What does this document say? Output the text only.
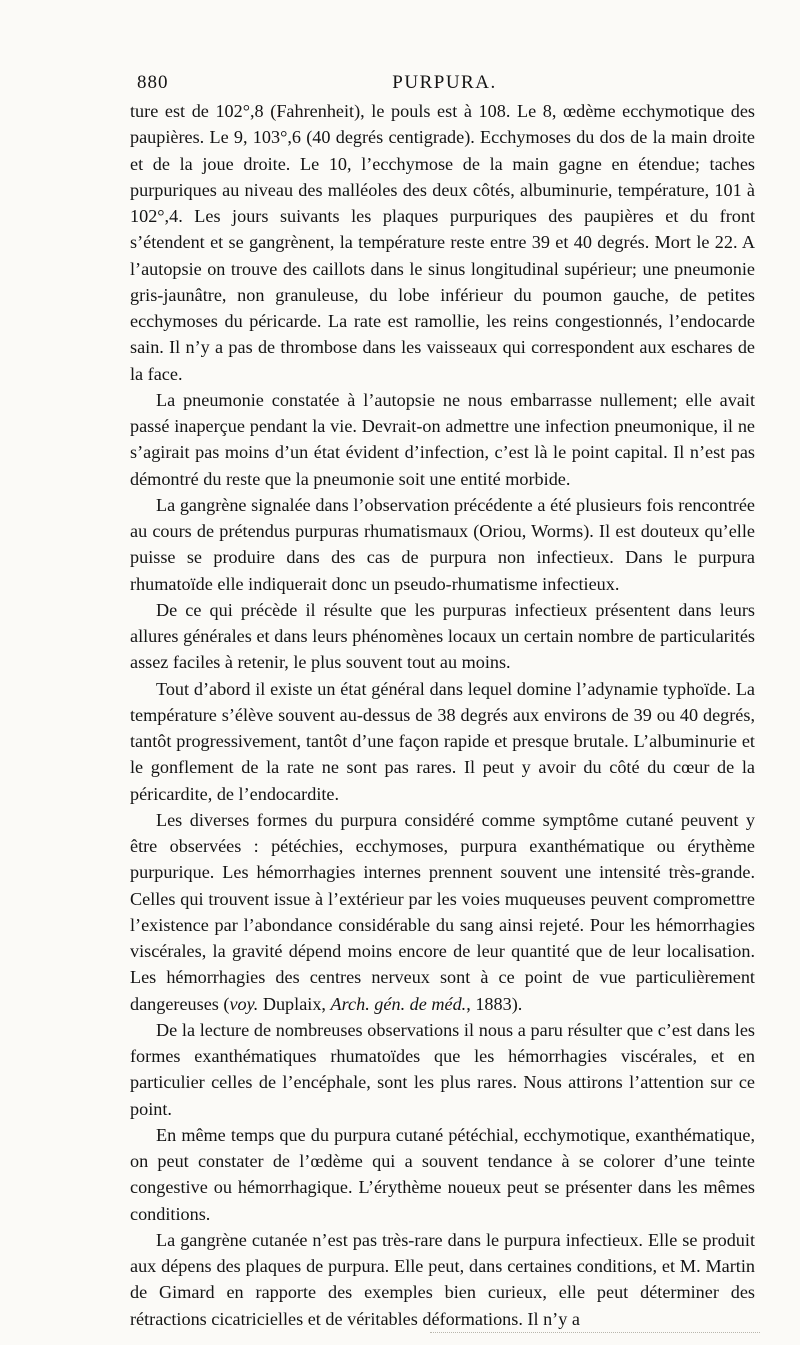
880	PURPURA.

ture est de 102°,8 (Fahrenheit), le pouls est à 108. Le 8, œdème ecchymotique des paupières. Le 9, 103°,6 (40 degrés centigrade). Ecchymoses du dos de la main droite et de la joue droite. Le 10, l’ecchymose de la main gagne en étendue; taches purpuriques au niveau des malléoles des deux côtés, albuminurie, température, 101 à 102°,4. Les jours suivants les plaques purpuriques des paupières et du front s’étendent et se gangrènent, la température reste entre 39 et 40 degrés. Mort le 22. A l’autopsie on trouve des caillots dans le sinus longitudinal supérieur; une pneumonie gris-jaunâtre, non granuleuse, du lobe inférieur du poumon gauche, de petites ecchymoses du péricarde. La rate est ramollie, les reins congestionnés, l’endocarde sain. Il n’y a pas de thrombose dans les vaisseaux qui correspondent aux eschares de la face.

La pneumonie constatée à l’autopsie ne nous embarrasse nullement; elle avait passé inaperçue pendant la vie. Devrait-on admettre une infection pneumonique, il ne s’agirait pas moins d’un état évident d’infection, c’est là le point capital. Il n’est pas démontré du reste que la pneumonie soit une entité morbide.

La gangrène signalée dans l’observation précédente a été plusieurs fois rencontrée au cours de prétendus purpuras rhumatismaux (Oriou, Worms). Il est douteux qu’elle puisse se produire dans des cas de purpura non infectieux. Dans le purpura rhumatoïde elle indiquerait donc un pseudo-rhumatisme infectieux.

De ce qui précède il résulte que les purpuras infectieux présentent dans leurs allures générales et dans leurs phénomènes locaux un certain nombre de particularités assez faciles à retenir, le plus souvent tout au moins.

Tout d’abord il existe un état général dans lequel domine l’adynamie typhoïde. La température s’élève souvent au-dessus de 38 degrés aux environs de 39 ou 40 degrés, tantôt progressivement, tantôt d’une façon rapide et presque brutale. L’albuminurie et le gonflement de la rate ne sont pas rares. Il peut y avoir du côté du cœur de la péricardite, de l’endocardite.

Les diverses formes du purpura considéré comme symptôme cutané peuvent y être observées : pétéchies, ecchymoses, purpura exanthématique ou érythème purpurique. Les hémorrhagies internes prennent souvent une intensité très-grande. Celles qui trouvent issue à l’extérieur par les voies muqueuses peuvent compromettre l’existence par l’abondance considérable du sang ainsi rejeté. Pour les hémorrhagies viscérales, la gravité dépend moins encore de leur quantité que de leur localisation. Les hémorrhagies des centres nerveux sont à ce point de vue particulièrement dangereuses (voy. Duplaix, Arch. gén. de méd., 1883).

De la lecture de nombreuses observations il nous a paru résulter que c’est dans les formes exanthématiques rhumatoïdes que les hémorrhagies viscérales, et en particulier celles de l’encéphale, sont les plus rares. Nous attirons l’attention sur ce point.

En même temps que du purpura cutané pétéchial, ecchymotique, exanthématique, on peut constater de l’œdème qui a souvent tendance à se colorer d’une teinte congestive ou hémorrhagique. L’érythème noueux peut se présenter dans les mêmes conditions.

La gangrène cutanée n’est pas très-rare dans le purpura infectieux. Elle se produit aux dépens des plaques de purpura. Elle peut, dans certaines conditions, et M. Martin de Gimard en rapporte des exemples bien curieux, elle peut déterminer des rétractions cicatricielles et de véritables déformations. Il n’y a
